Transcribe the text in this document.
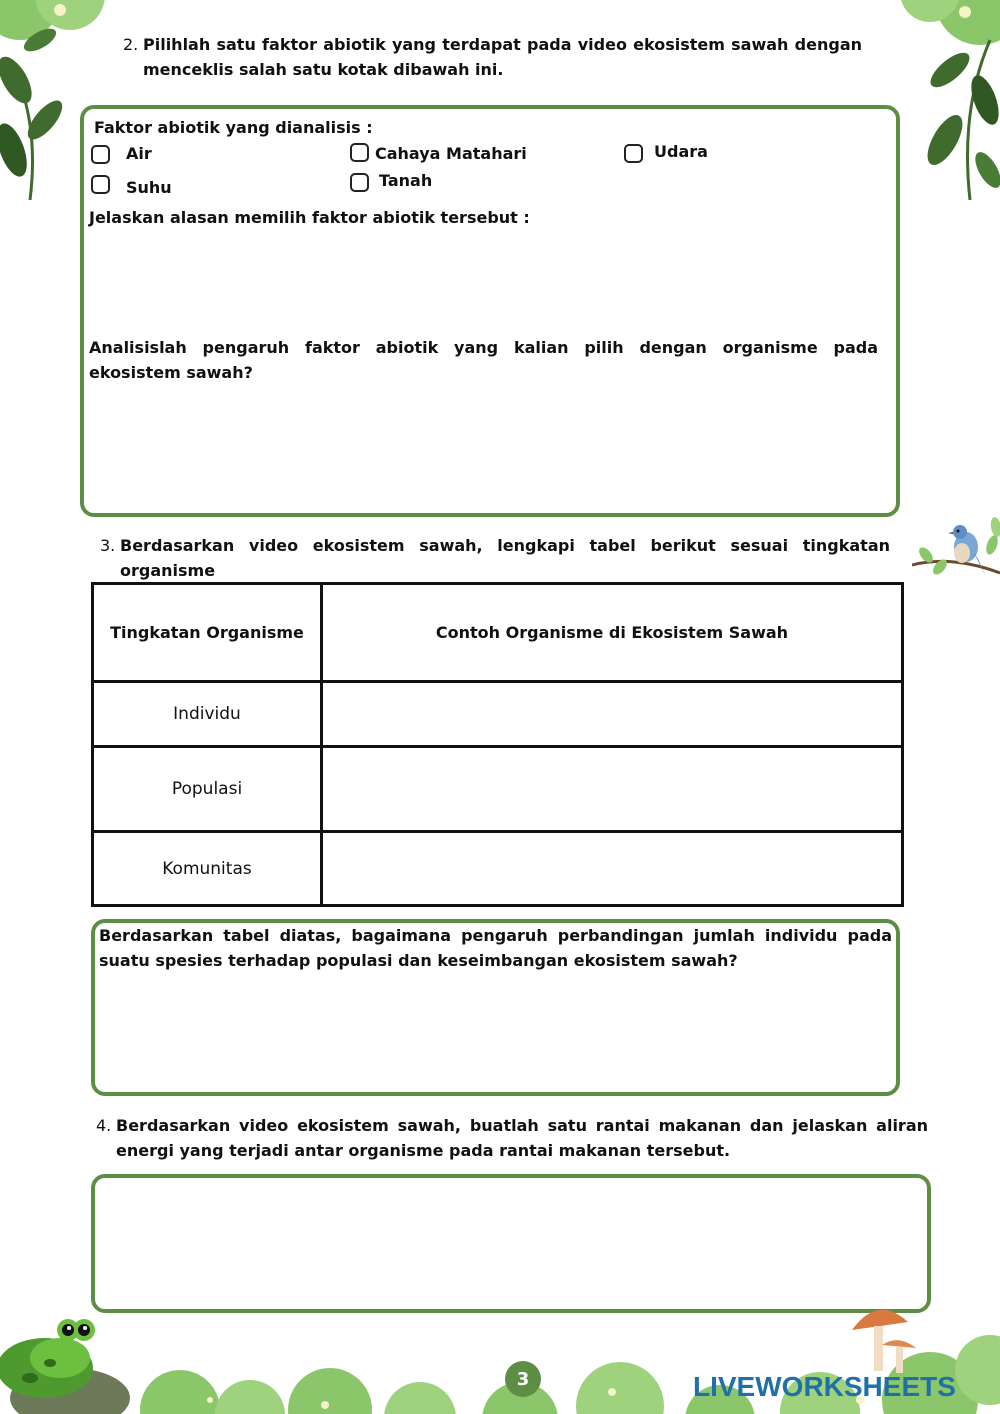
2. Pilihlah satu faktor abiotik yang terdapat pada video ekosistem sawah dengan menceklis salah satu kotak dibawah ini.
Faktor abiotik yang dianalisis :
Air	Cahaya Matahari	Udara
Suhu	Tanah
Jelaskan alasan memilih faktor abiotik tersebut :
Analisislah pengaruh faktor abiotik yang kalian pilih dengan organisme pada ekosistem sawah?
3. Berdasarkan video ekosistem sawah, lengkapi tabel berikut sesuai tingkatan organisme
Tingkatan Organisme	Contoh Organisme di Ekosistem Sawah
Individu	
Populasi	
Komunitas	
Berdasarkan tabel diatas, bagaimana pengaruh perbandingan jumlah individu pada suatu spesies terhadap populasi dan keseimbangan ekosistem sawah?
4. Berdasarkan video ekosistem sawah, buatlah satu rantai makanan dan jelaskan aliran energi yang terjadi antar organisme pada rantai makanan tersebut.
3	LIVEWORKSHEETS
